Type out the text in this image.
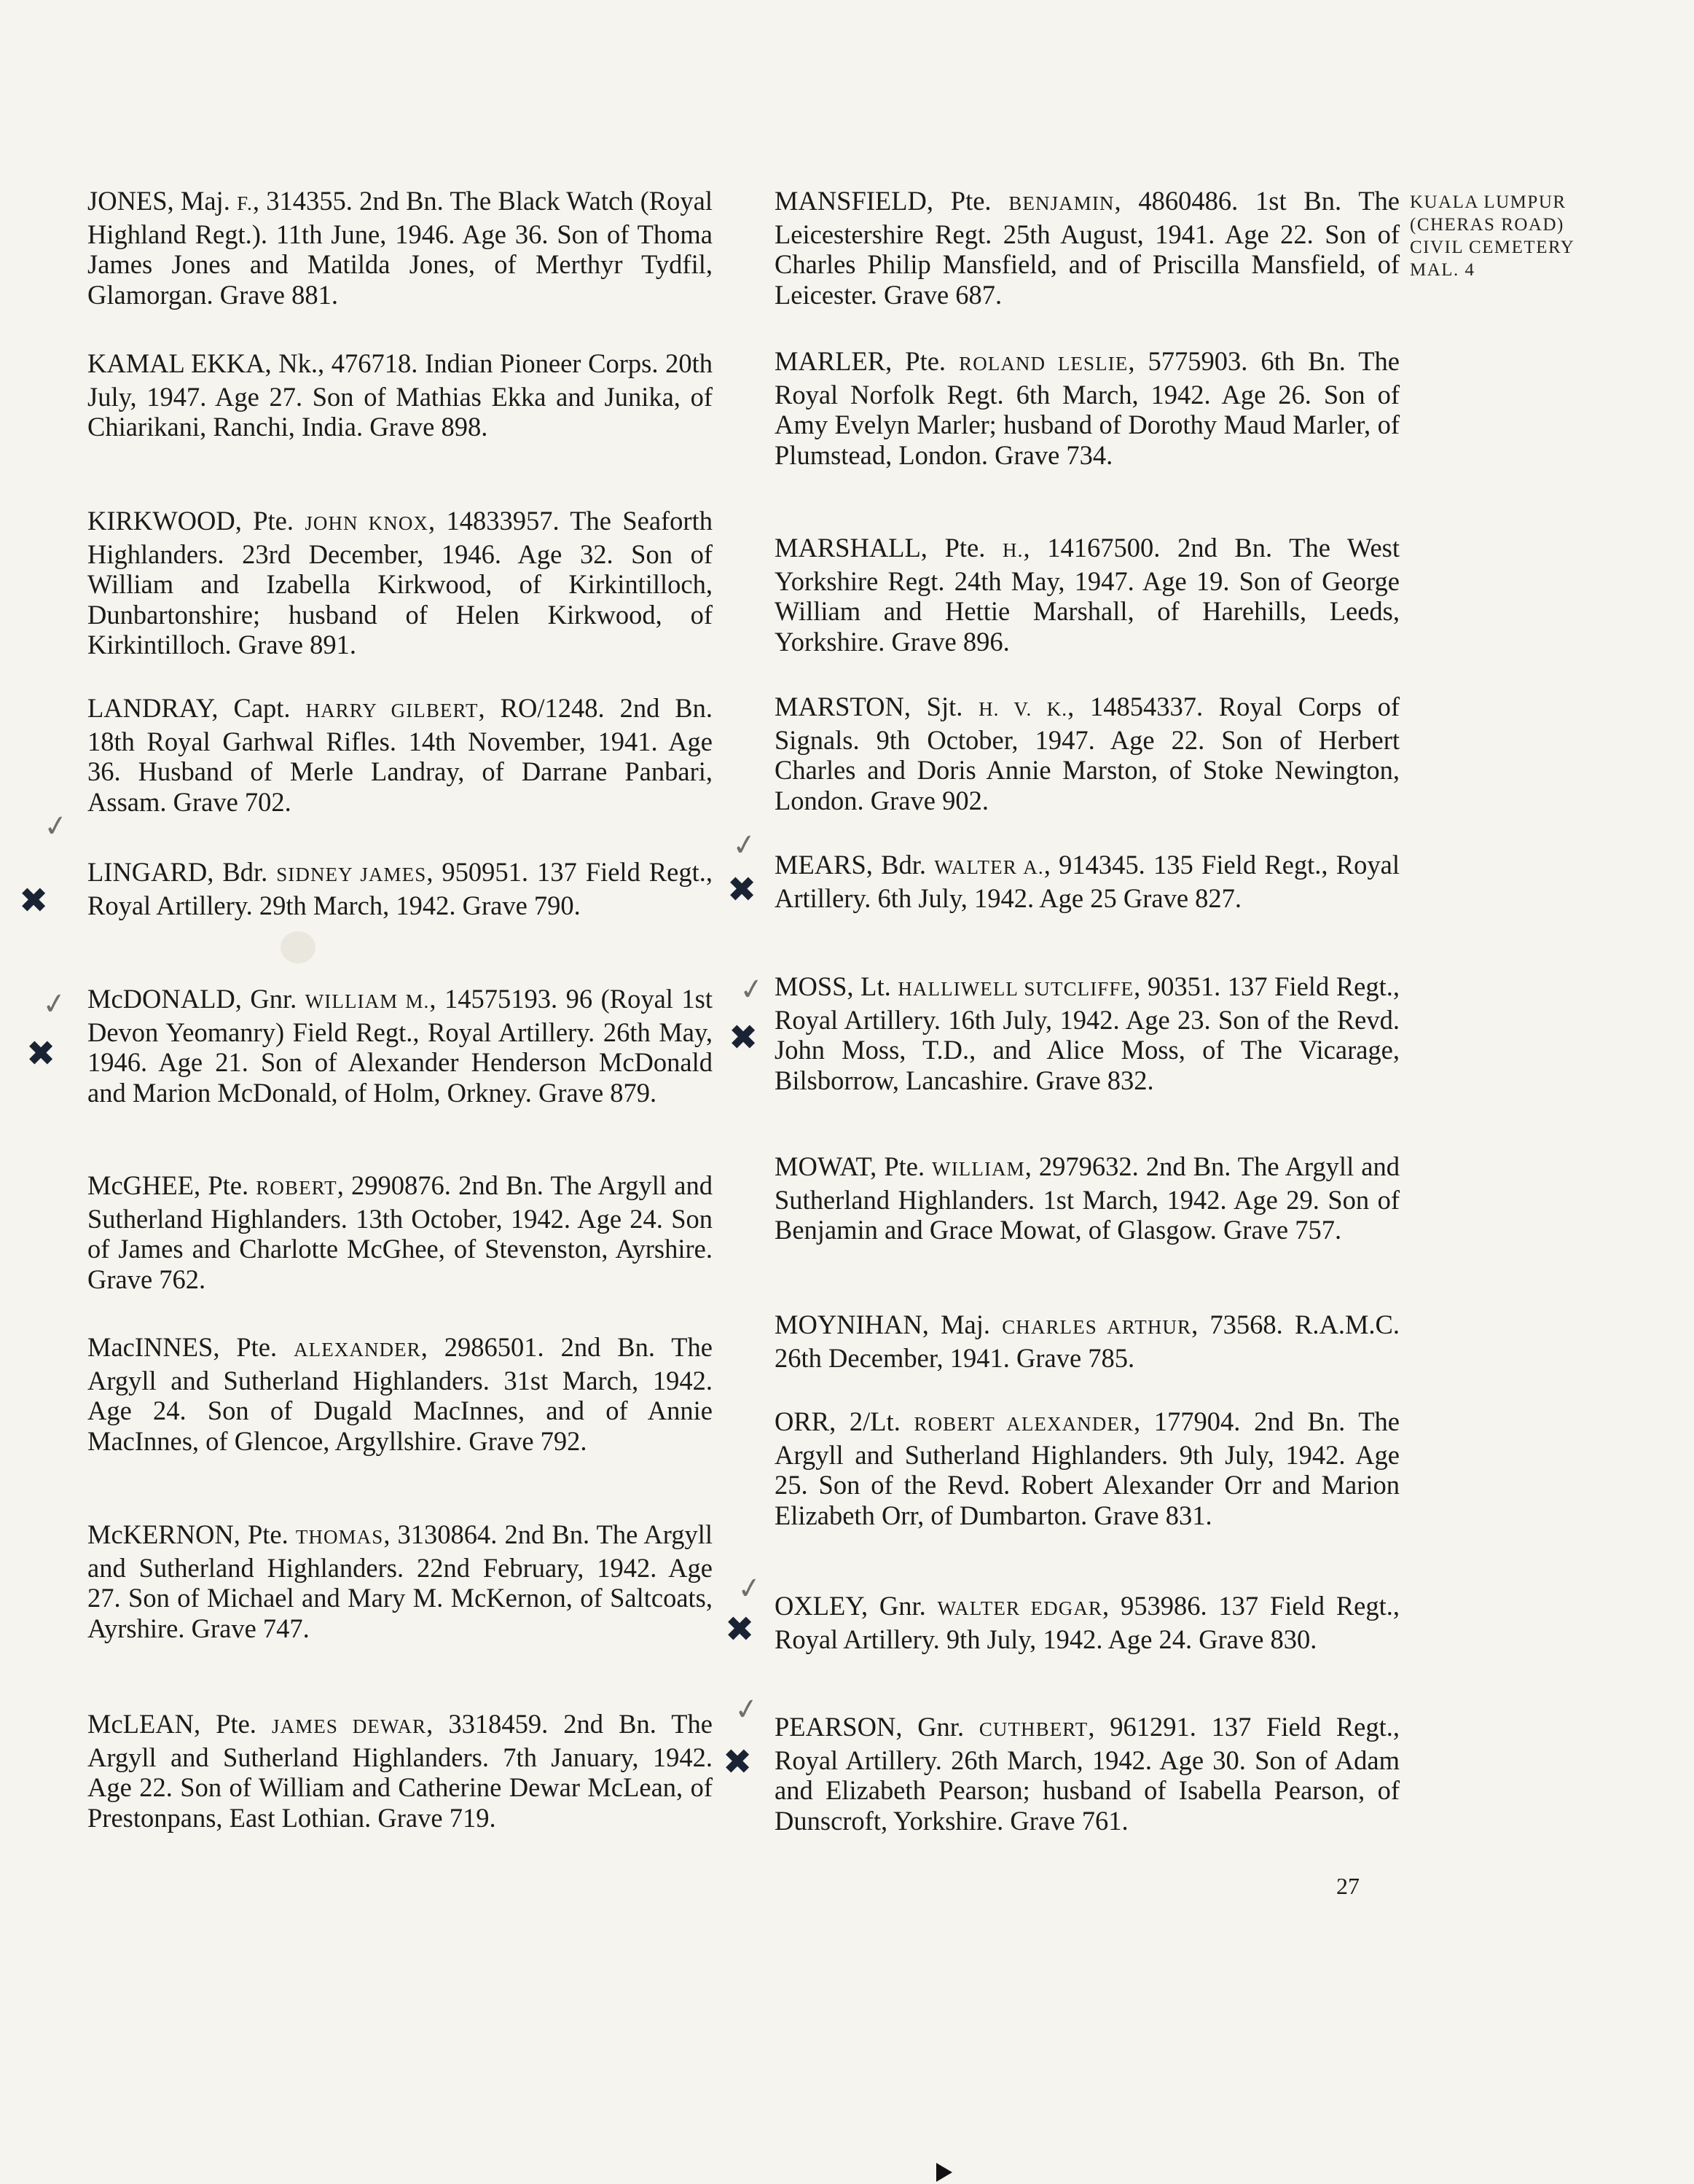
JONES, Maj. F., 314355. 2nd Bn. The Black Watch (Royal Highland Regt.). 11th June, 1946. Age 36. Son of Thoma James Jones and Matilda Jones, of Merthyr Tydfil, Glamorgan. Grave 881.
KAMAL EKKA, Nk., 476718. Indian Pioneer Corps. 20th July, 1947. Age 27. Son of Mathias Ekka and Junika, of Chiarikani, Ranchi, India. Grave 898.
KIRKWOOD, Pte. JOHN KNOX, 14833957. The Seaforth Highlanders. 23rd December, 1946. Age 32. Son of William and Izabella Kirkwood, of Kirkintilloch, Dunbartonshire; husband of Helen Kirkwood, of Kirkintilloch. Grave 891.
LANDRAY, Capt. HARRY GILBERT, RO/1248. 2nd Bn. 18th Royal Garhwal Rifles. 14th November, 1941. Age 36. Husband of Merle Landray, of Darrane Panbari, Assam. Grave 702.
LINGARD, Bdr. SIDNEY JAMES, 950951. 137 Field Regt., Royal Artillery. 29th March, 1942. Grave 790.
McDONALD, Gnr. WILLIAM M., 14575193. 96 (Royal 1st Devon Yeomanry) Field Regt., Royal Artillery. 26th May, 1946. Age 21. Son of Alexander Henderson McDonald and Marion McDonald, of Holm, Orkney. Grave 879.
McGHEE, Pte. ROBERT, 2990876. 2nd Bn. The Argyll and Sutherland Highlanders. 13th October, 1942. Age 24. Son of James and Charlotte McGhee, of Stevenston, Ayrshire. Grave 762.
MacINNES, Pte. ALEXANDER, 2986501. 2nd Bn. The Argyll and Sutherland Highlanders. 31st March, 1942. Age 24. Son of Dugald MacInnes, and of Annie MacInnes, of Glencoe, Argyllshire. Grave 792.
McKERNON, Pte. THOMAS, 3130864. 2nd Bn. The Argyll and Sutherland Highlanders. 22nd February, 1942. Age 27. Son of Michael and Mary M. McKernon, of Saltcoats, Ayrshire. Grave 747.
McLEAN, Pte. JAMES DEWAR, 3318459. 2nd Bn. The Argyll and Sutherland Highlanders. 7th January, 1942. Age 22. Son of William and Catherine Dewar McLean, of Prestonpans, East Lothian. Grave 719.
MANSFIELD, Pte. BENJAMIN, 4860486. 1st Bn. The Leicestershire Regt. 25th August, 1941. Age 22. Son of Charles Philip Mansfield, and of Priscilla Mansfield, of Leicester. Grave 687.
MARLER, Pte. ROLAND LESLIE, 5775903. 6th Bn. The Royal Norfolk Regt. 6th March, 1942. Age 26. Son of Amy Evelyn Marler; husband of Dorothy Maud Marler, of Plumstead, London. Grave 734.
MARSHALL, Pte. H., 14167500. 2nd Bn. The West Yorkshire Regt. 24th May, 1947. Age 19. Son of George William and Hettie Marshall, of Harehills, Leeds, Yorkshire. Grave 896.
MARSTON, Sjt. H. V. K., 14854337. Royal Corps of Signals. 9th October, 1947. Age 22. Son of Herbert Charles and Doris Annie Marston, of Stoke Newington, London. Grave 902.
MEARS, Bdr. WALTER A., 914345. 135 Field Regt., Royal Artillery. 6th July, 1942. Age 25 Grave 827.
MOSS, Lt. HALLIWELL SUTCLIFFE, 90351. 137 Field Regt., Royal Artillery. 16th July, 1942. Age 23. Son of the Revd. John Moss, T.D., and Alice Moss, of The Vicarage, Bilsborrow, Lancashire. Grave 832.
MOWAT, Pte. WILLIAM, 2979632. 2nd Bn. The Argyll and Sutherland Highlanders. 1st March, 1942. Age 29. Son of Benjamin and Grace Mowat, of Glasgow. Grave 757.
MOYNIHAN, Maj. CHARLES ARTHUR, 73568. R.A.M.C. 26th December, 1941. Grave 785.
ORR, 2/Lt. ROBERT ALEXANDER, 177904. 2nd Bn. The Argyll and Sutherland Highlanders. 9th July, 1942. Age 25. Son of the Revd. Robert Alexander Orr and Marion Elizabeth Orr, of Dumbarton. Grave 831.
OXLEY, Gnr. WALTER EDGAR, 953986. 137 Field Regt., Royal Artillery. 9th July, 1942. Age 24. Grave 830.
PEARSON, Gnr. CUTHBERT, 961291. 137 Field Regt., Royal Artillery. 26th March, 1942. Age 30. Son of Adam and Elizabeth Pearson; husband of Isabella Pearson, of Dunscroft, Yorkshire. Grave 761.
KUALA LUMPUR
(CHERAS ROAD)
CIVIL CEMETERY
MAL. 4
27
✓
✓
✓
✓
✓
✓
✖
✖
✖
✖
✖
✖
